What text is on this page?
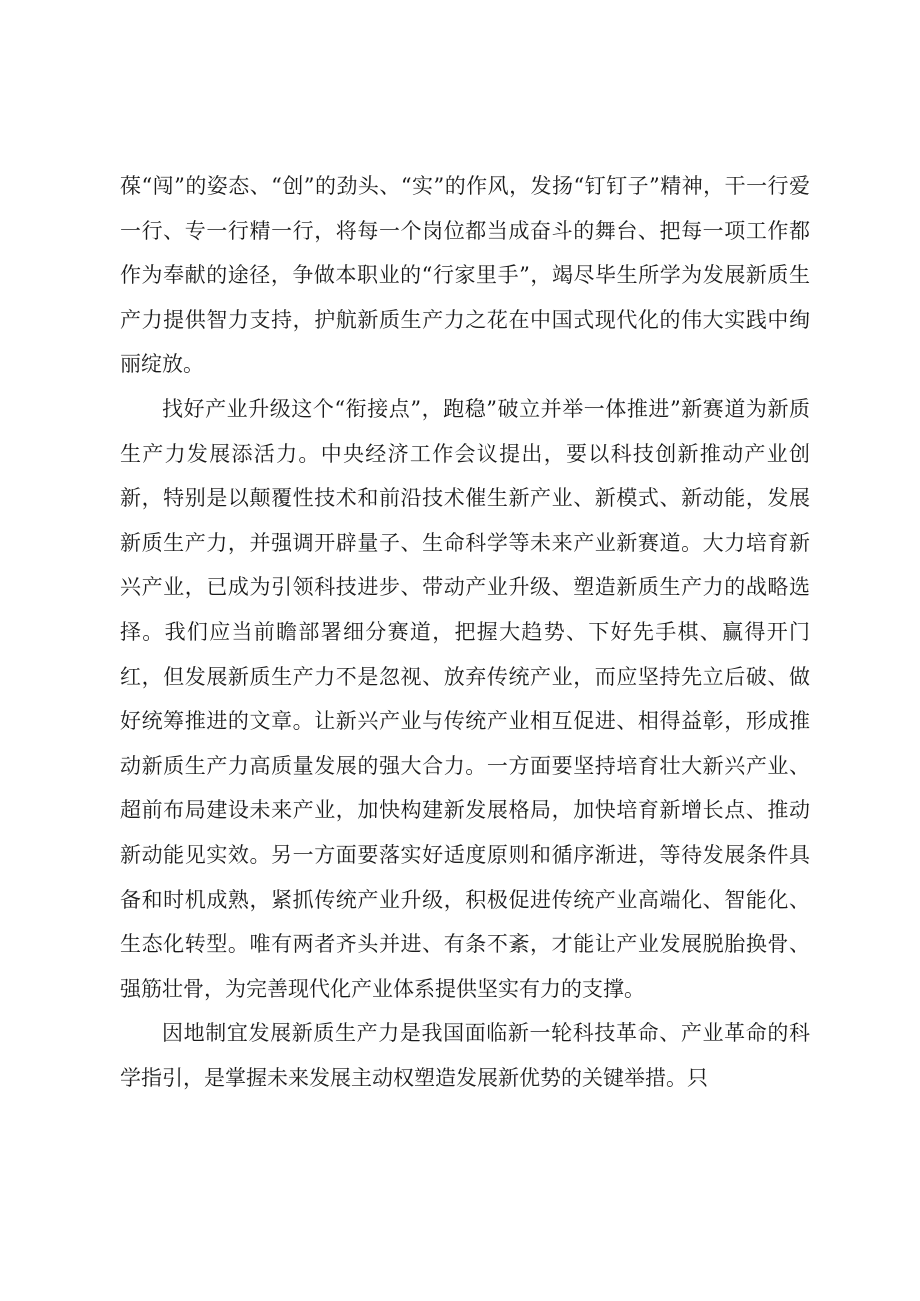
葆“闯”的姿态、“创”的劲头、“实”的作风，发扬“钉钉子”精神，干一行爱一行、专一行精一行，将每一个岗位都当成奋斗的舞台、把每一项工作都作为奉献的途径，争做本职业的“行家里手”，竭尽毕生所学为发展新质生产力提供智力支持，护航新质生产力之花在中国式现代化的伟大实践中绚丽绽放。

找好产业升级这个“衔接点”，跑稳”破立并举一体推进”新赛道为新质生产力发展添活力。中央经济工作会议提出，要以科技创新推动产业创新，特别是以颠覆性技术和前沿技术催生新产业、新模式、新动能，发展新质生产力，并强调开辟量子、生命科学等未来产业新赛道。大力培育新兴产业，已成为引领科技进步、带动产业升级、塑造新质生产力的战略选择。我们应当前瞻部署细分赛道，把握大趋势、下好先手棋、赢得开门红，但发展新质生产力不是忽视、放弃传统产业，而应坚持先立后破、做好统筹推进的文章。让新兴产业与传统产业相互促进、相得益彰，形成推动新质生产力高质量发展的强大合力。一方面要坚持培育壮大新兴产业、超前布局建设未来产业，加快构建新发展格局，加快培育新增长点、推动新动能见实效。另一方面要落实好适度原则和循序渐进，等待发展条件具备和时机成熟，紧抓传统产业升级，积极促进传统产业高端化、智能化、生态化转型。唯有两者齐头并进、有条不紊，才能让产业发展脱胎换骨、强筋壮骨，为完善现代化产业体系提供坚实有力的支撑。

因地制宜发展新质生产力是我国面临新一轮科技革命、产业革命的科学指引，是掌握未来发展主动权塑造发展新优势的关键举措。只
